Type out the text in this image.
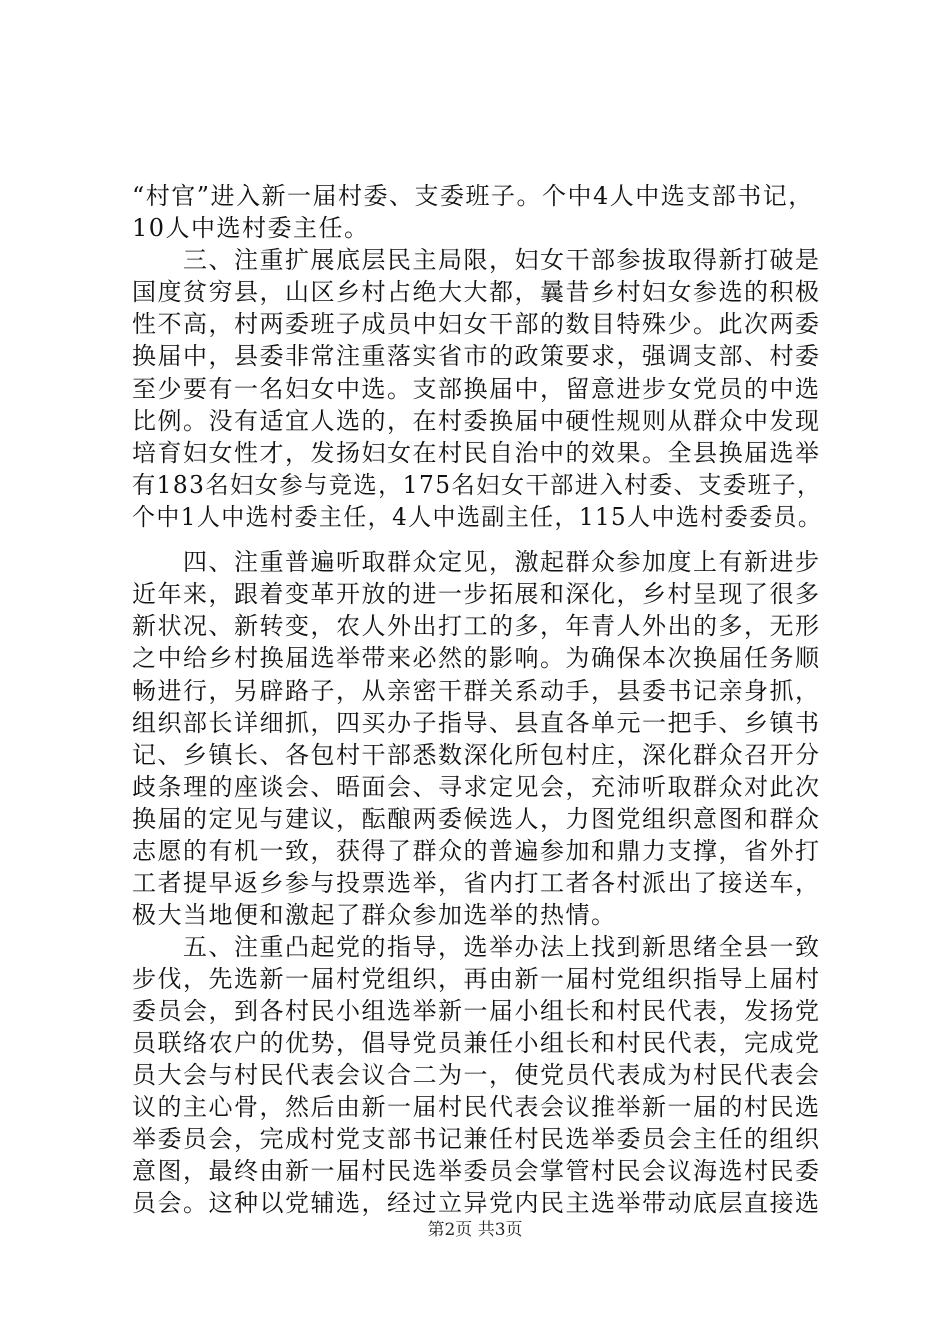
“村官”进入新一届村委、支委班子。个中4人中选支部书记，
10人中选村委主任。
　　三、注重扩展底层民主局限，妇女干部参拔取得新打破是
国度贫穷县，山区乡村占绝大大都，曩昔乡村妇女参选的积极
性不高，村两委班子成员中妇女干部的数目特殊少。此次两委
换届中，县委非常注重落实省市的政策要求，强调支部、村委
至少要有一名妇女中选。支部换届中，留意进步女党员的中选
比例。没有适宜人选的，在村委换届中硬性规则从群众中发现
培育妇女性才，发扬妇女在村民自治中的效果。全县换届选举
有183名妇女参与竞选，175名妇女干部进入村委、支委班子，
个中1人中选村委主任，4人中选副主任，115人中选村委委员。
　　四、注重普遍听取群众定见，激起群众参加度上有新进步
近年来，跟着变革开放的进一步拓展和深化，乡村呈现了很多
新状况、新转变，农人外出打工的多，年青人外出的多，无形
之中给乡村换届选举带来必然的影响。为确保本次换届任务顺
畅进行，另辟路子，从亲密干群关系动手，县委书记亲身抓，
组织部长详细抓，四买办子指导、县直各单元一把手、乡镇书
记、乡镇长、各包村干部悉数深化所包村庄，深化群众召开分
歧条理的座谈会、晤面会、寻求定见会，充沛听取群众对此次
换届的定见与建议，酝酿两委候选人，力图党组织意图和群众
志愿的有机一致，获得了群众的普遍参加和鼎力支撑，省外打
工者提早返乡参与投票选举，省内打工者各村派出了接送车，
极大当地便和激起了群众参加选举的热情。
　　五、注重凸起党的指导，选举办法上找到新思绪全县一致
步伐，先选新一届村党组织，再由新一届村党组织指导上届村
委员会，到各村民小组选举新一届小组长和村民代表，发扬党
员联络农户的优势，倡导党员兼任小组长和村民代表，完成党
员大会与村民代表会议合二为一，使党员代表成为村民代表会
议的主心骨，然后由新一届村民代表会议推举新一届的村民选
举委员会，完成村党支部书记兼任村民选举委员会主任的组织
意图，最终由新一届村民选举委员会掌管村民会议海选村民委
员会。这种以党辅选，经过立异党内民主选举带动底层直接选
第2页 共3页
